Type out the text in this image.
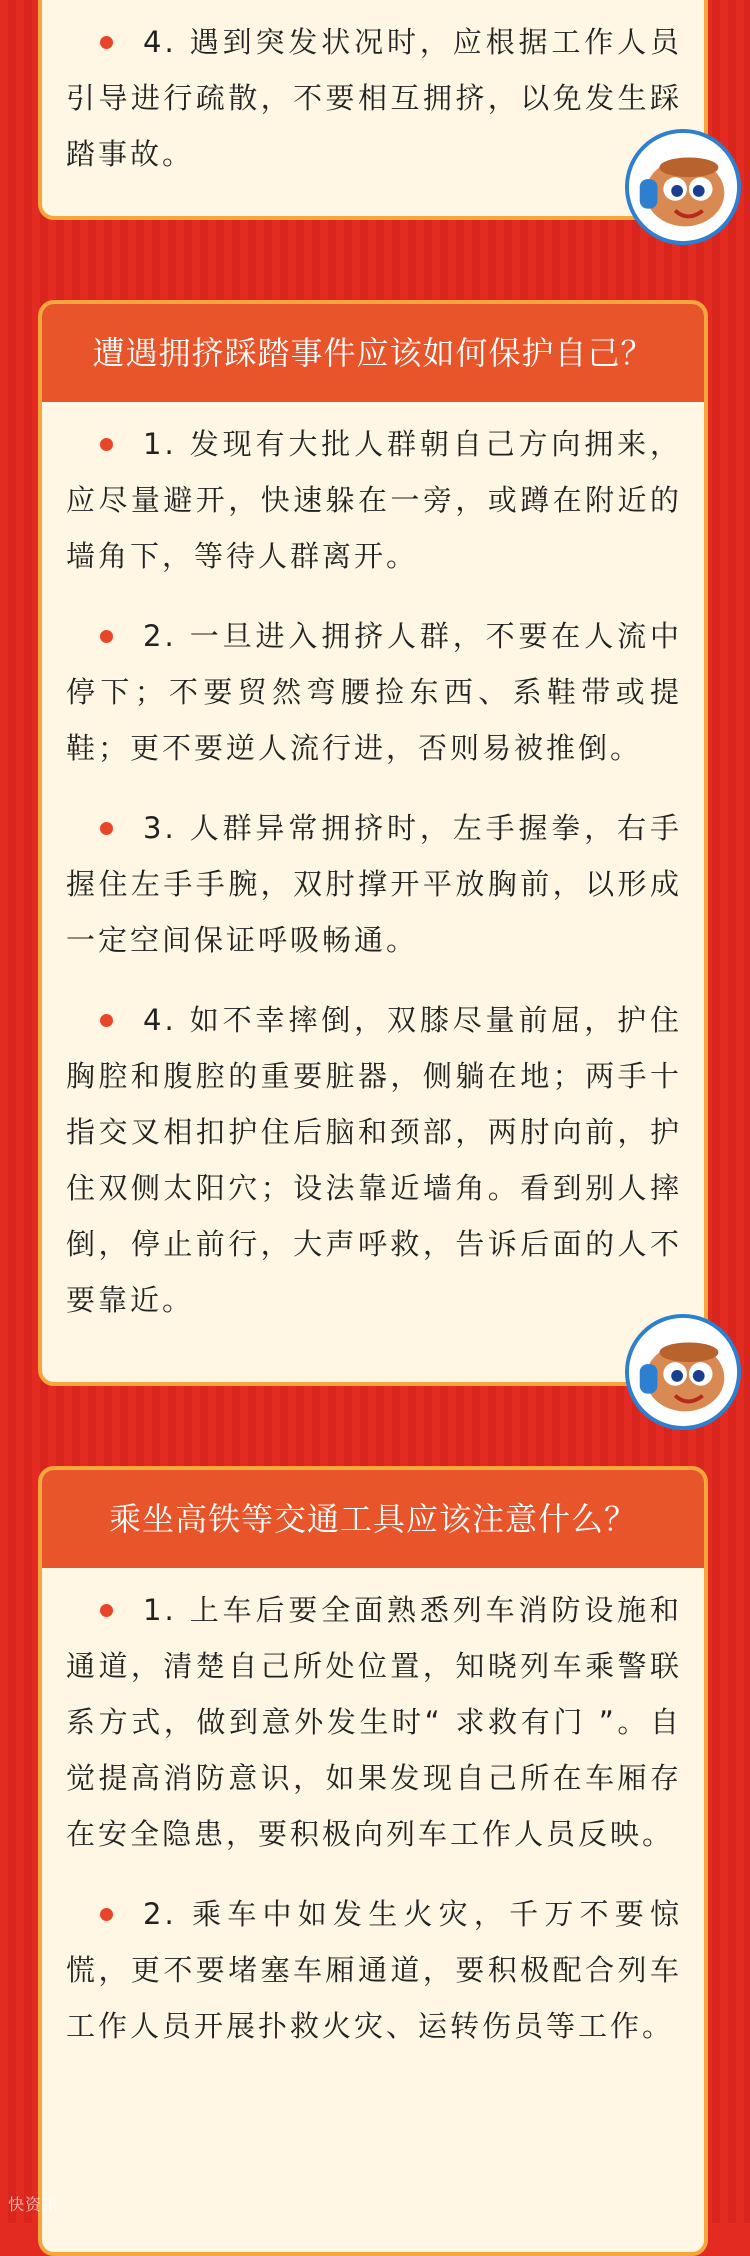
4. 遇到突发状况时，应根据工作人员引导进行疏散，不要相互拥挤，以免发生踩踏事故。
遭遇拥挤踩踏事件应该如何保护自己？
1. 发现有大批人群朝自己方向拥来，应尽量避开，快速躲在一旁，或蹲在附近的墙角下，等待人群离开。
2. 一旦进入拥挤人群，不要在人流中停下；不要贸然弯腰捡东西、系鞋带或提鞋；更不要逆人流行进，否则易被推倒。
3. 人群异常拥挤时，左手握拳，右手握住左手手腕，双肘撑开平放胸前，以形成一定空间保证呼吸畅通。
4. 如不幸摔倒，双膝尽量前屈，护住胸腔和腹腔的重要脏器，侧躺在地；两手十指交叉相扣护住后脑和颈部，两肘向前，护住双侧太阳穴；设法靠近墙角。看到别人摔倒，停止前行，大声呼救，告诉后面的人不要靠近。
乘坐高铁等交通工具应该注意什么？
1. 上车后要全面熟悉列车消防设施和通道，清楚自己所处位置，知晓列车乘警联系方式，做到意外发生时“ 求救有门 ”。自觉提高消防意识，如果发现自己所在车厢存在安全隐患，要积极向列车工作人员反映。
2. 乘车中如发生火灾，千万不要惊慌，更不要堵塞车厢通道，要积极配合列车工作人员开展扑救火灾、运转伤员等工作。
快资讯
